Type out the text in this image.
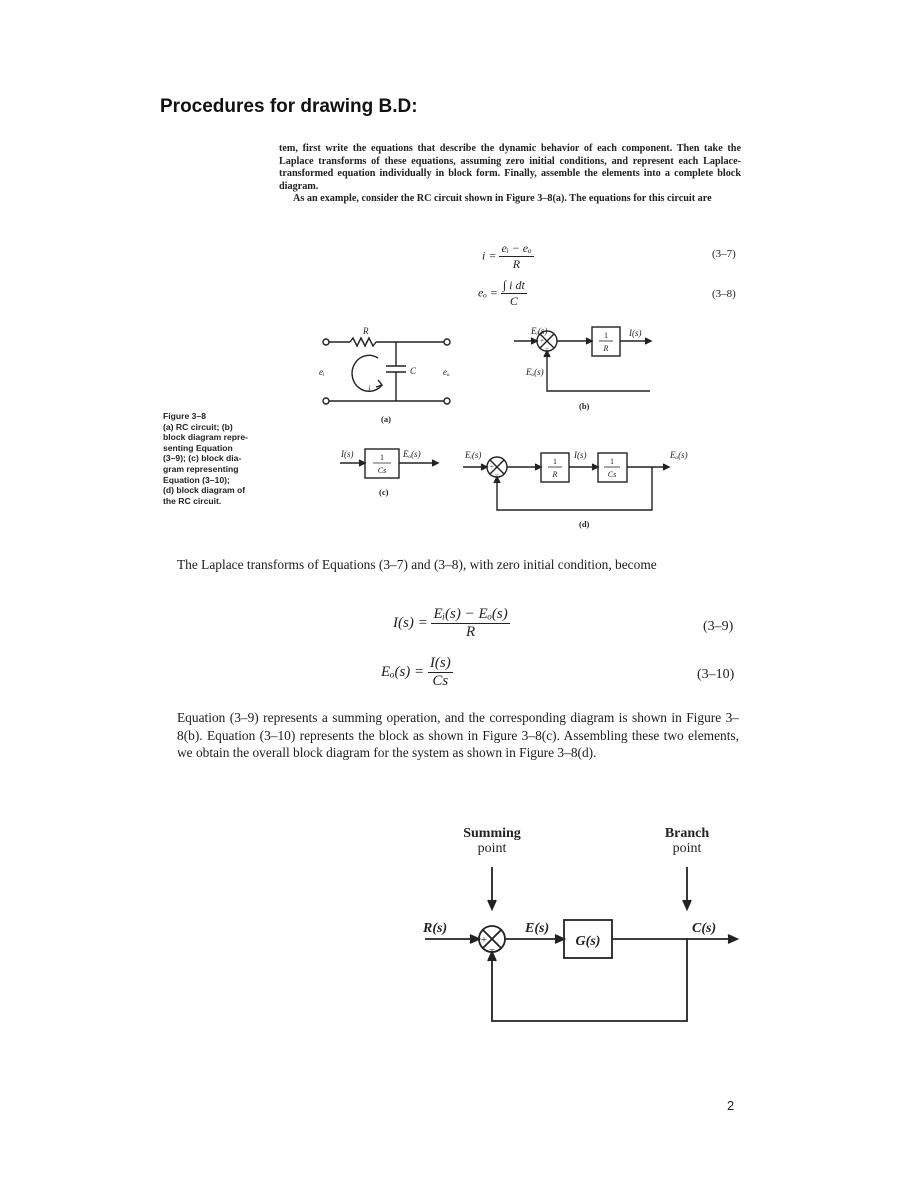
Procedures for drawing B.D:

tem, first write the equations that describe the dynamic behavior of each component. Then take the Laplace transforms of these equations, assuming zero initial conditions, and represent each Laplace-transformed equation individually in block form. Finally, assemble the elements into a complete block diagram.

As an example, consider the RC circuit shown in Figure 3–8(a). The equations for this circuit are

$i = \frac{\text{eᵢ − eₒ}}{R}$	(3–7)
$e_o = \frac{\text{∫ i dt}}{C}$	(3–8)
R
C
eᵢ	eₒ
i
Eᵢ(s)
Eₒ(s)
I(s)
I(s)	Eₒ(s)	Eᵢ(s)	I(s)	Eₒ(s)
1
R
1
Cs
1
R
1
Cs
+
−
+
−
(a)
(b)
(c)
(d)

Figure 3–8

(a) RC circuit; (b)

block diagram repre-

senting Equation

(3–9); (c) block dia-

gram representing

Equation (3–10);

(d) block diagram of

the RC circuit.

The Laplace transforms of Equations (3–7) and (3–8), with zero initial condition, become

$I(s) = \frac{\text{Eᵢ(s) − Eₒ(s)}}{R}$	(3–9)
$E_o(s) = \frac{I(s)}{Cs}$	(3–10)

Equation (3–9) represents a summing operation, and the corresponding diagram is shown in Figure 3–8(b). Equation (3–10) represents the block as shown in Figure 3–8(c). Assembling these two elements, we obtain the overall block diagram for the system as shown in Figure 3–8(d).

Summing
point
Branch
point
R(s)	E(s)
G(s)
C(s)
+
−
2
